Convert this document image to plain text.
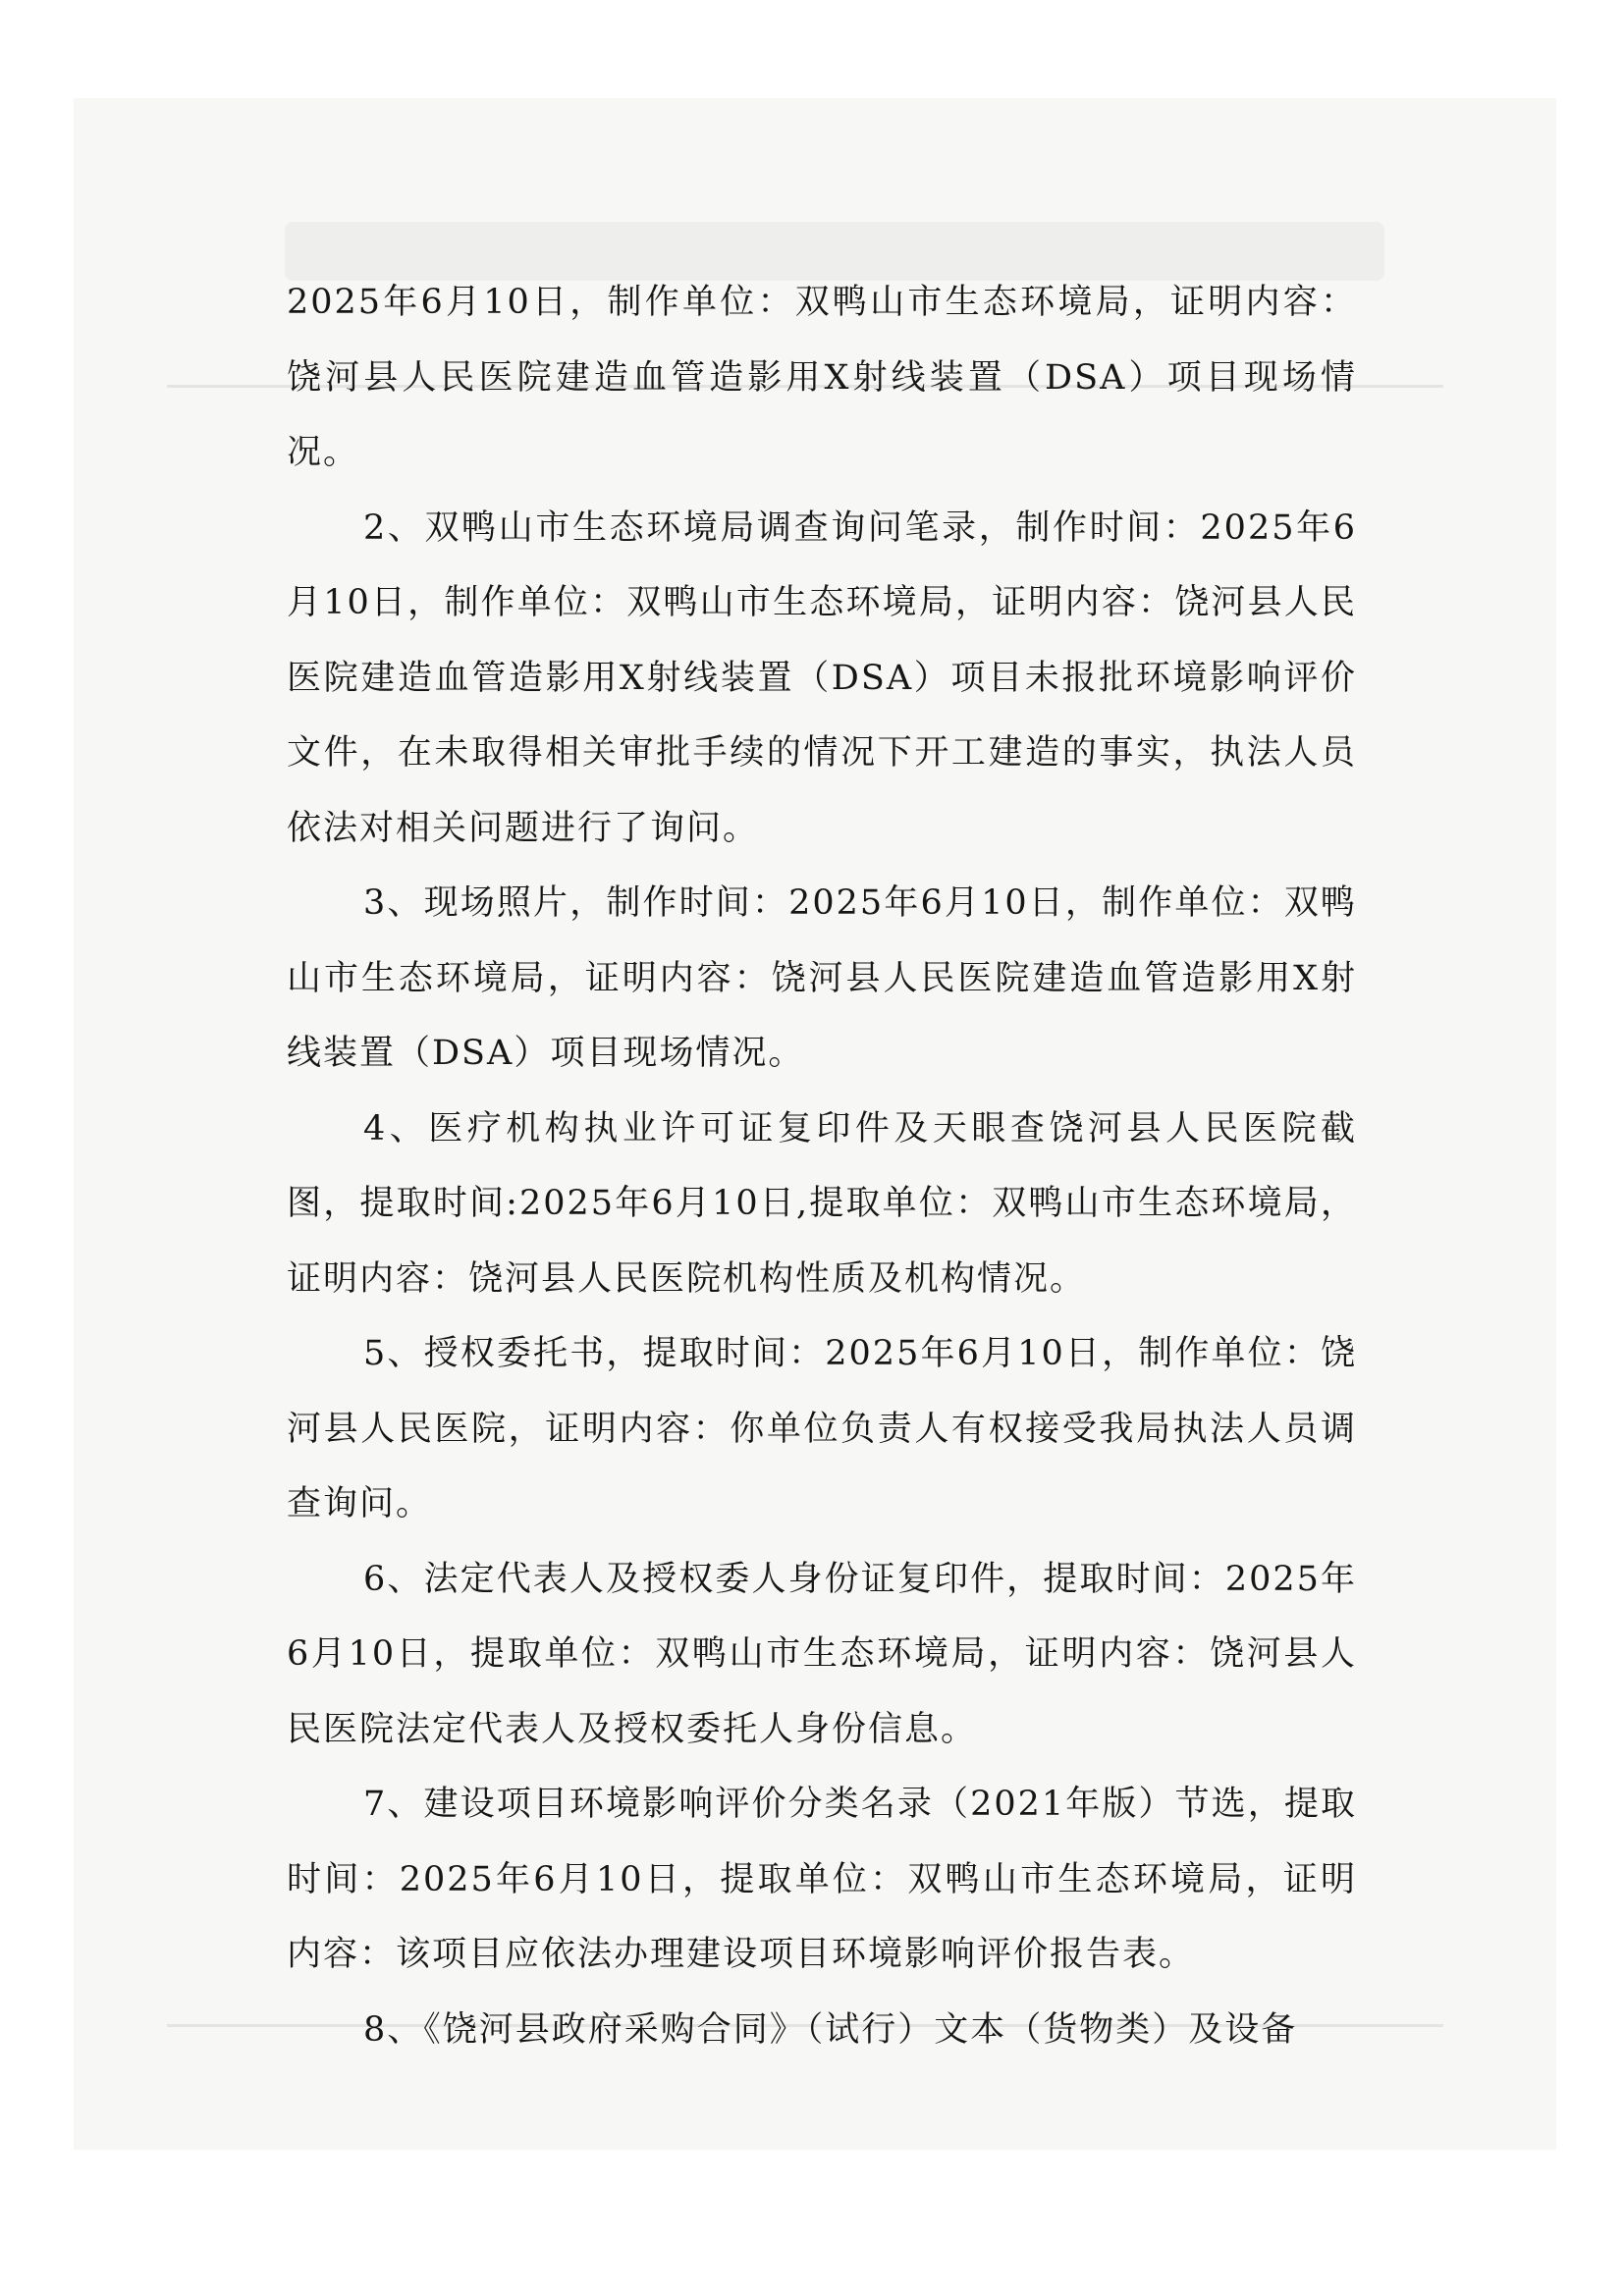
2025年6月10日，制作单位：双鸭山市生态环境局，证明内容：饶河县人民医院建造血管造影用X射线装置（DSA）项目现场情况。

2、双鸭山市生态环境局调查询问笔录，制作时间：2025年6月10日，制作单位：双鸭山市生态环境局，证明内容：饶河县人民医院建造血管造影用X射线装置（DSA）项目未报批环境影响评价文件，在未取得相关审批手续的情况下开工建造的事实，执法人员依法对相关问题进行了询问。

3、现场照片，制作时间：2025年6月10日，制作单位：双鸭山市生态环境局，证明内容：饶河县人民医院建造血管造影用X射线装置（DSA）项目现场情况。

4、医疗机构执业许可证复印件及天眼查饶河县人民医院截图，提取时间:2025年6月10日,提取单位：双鸭山市生态环境局，证明内容：饶河县人民医院机构性质及机构情况。

5、授权委托书，提取时间：2025年6月10日，制作单位：饶河县人民医院，证明内容：你单位负责人有权接受我局执法人员调查询问。

6、法定代表人及授权委人身份证复印件，提取时间：2025年6月10日，提取单位：双鸭山市生态环境局，证明内容：饶河县人民医院法定代表人及授权委托人身份信息。

7、建设项目环境影响评价分类名录（2021年版）节选，提取时间：2025年6月10日，提取单位：双鸭山市生态环境局，证明内容：该项目应依法办理建设项目环境影响评价报告表。

8、《饶河县政府采购合同》（试行）文本（货物类）及设备
